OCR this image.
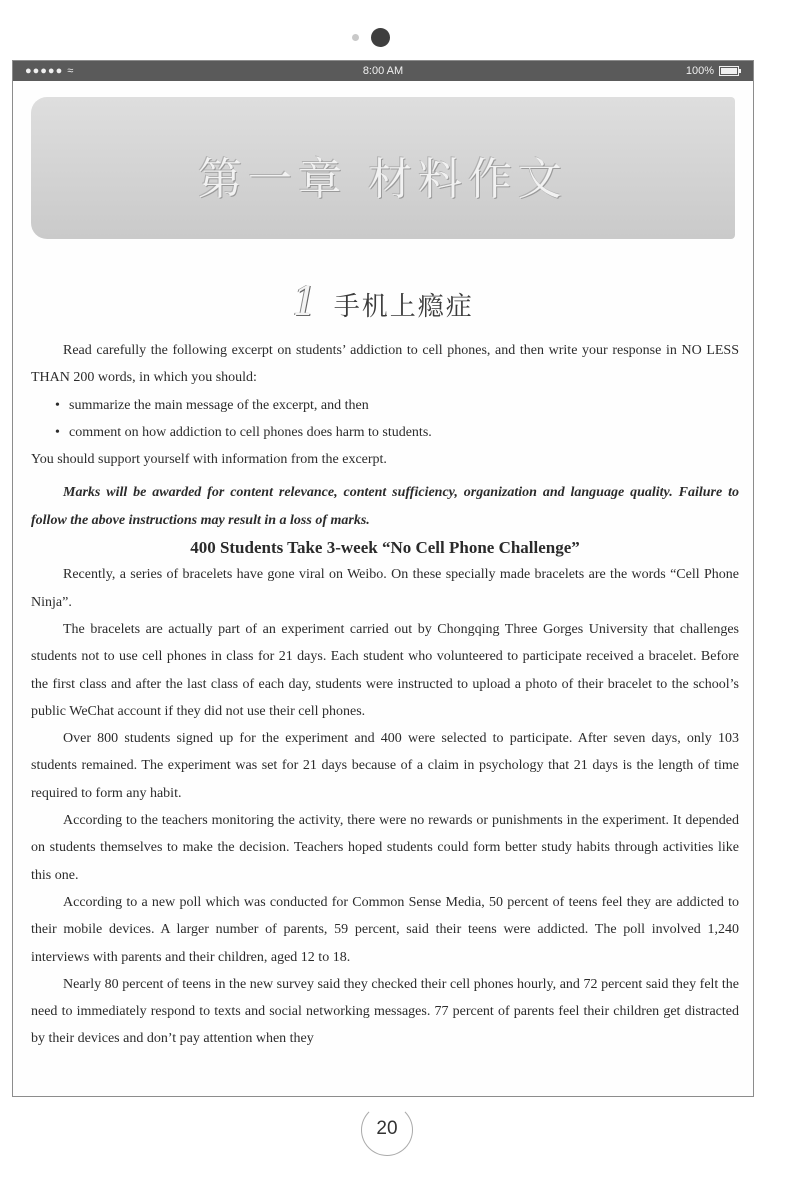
●●●●● ≈	8:00 AM	100%
第一章 材料作文
1 手机上瘾症

Read carefully the following excerpt on students’ addiction to cell phones, and then write your response in NO LESS THAN 200 words, in which you should:

• summarize the main message of the excerpt, and then

• comment on how addiction to cell phones does harm to students.

You should support yourself with information from the excerpt.

Marks will be awarded for content relevance, content sufficiency, organization and language quality. Failure to follow the above instructions may result in a loss of marks.

400 Students Take 3-week “No Cell Phone Challenge”

Recently, a series of bracelets have gone viral on Weibo. On these specially made bracelets are the words “Cell Phone Ninja”.

The bracelets are actually part of an experiment carried out by Chongqing Three Gorges University that challenges students not to use cell phones in class for 21 days. Each student who volunteered to participate received a bracelet. Before the first class and after the last class of each day, students were instructed to upload a photo of their bracelet to the school’s public WeChat account if they did not use their cell phones.

Over 800 students signed up for the experiment and 400 were selected to participate. After seven days, only 103 students remained. The experiment was set for 21 days because of a claim in psychology that 21 days is the length of time required to form any habit.

According to the teachers monitoring the activity, there were no rewards or punishments in the experiment. It depended on students themselves to make the decision. Teachers hoped students could form better study habits through activities like this one.

According to a new poll which was conducted for Common Sense Media, 50 percent of teens feel they are addicted to their mobile devices. A larger number of parents, 59 percent, said their teens were addicted. The poll involved 1,240 interviews with parents and their children, aged 12 to 18.

Nearly 80 percent of teens in the new survey said they checked their cell phones hourly, and 72 percent said they felt the need to immediately respond to texts and social networking messages. 77 percent of parents feel their children get distracted by their devices and don’t pay attention when they

20
